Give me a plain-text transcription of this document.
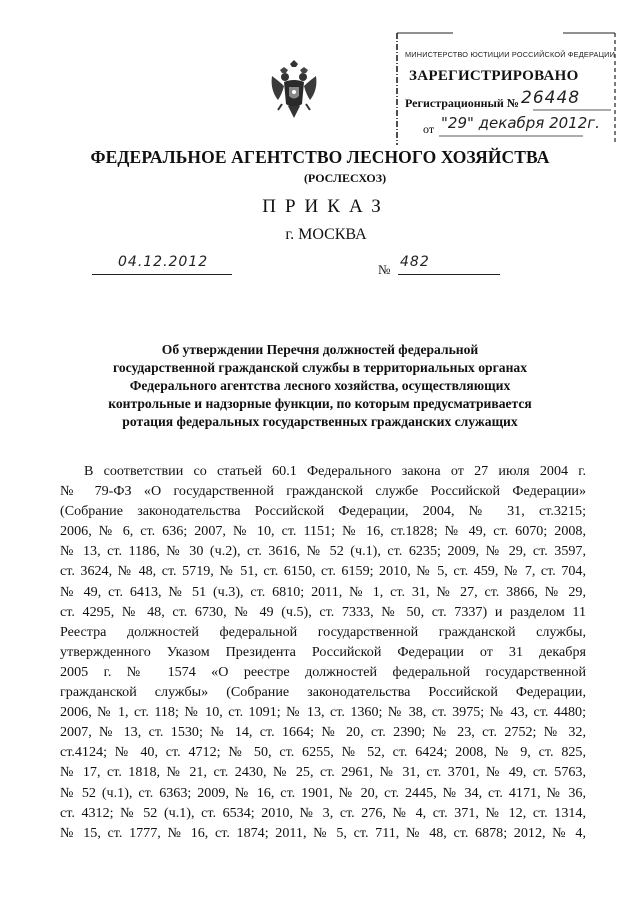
МИНИСТЕРСТВО ЮСТИЦИИ РОССИЙСКОЙ ФЕДЕРАЦИИ
ЗАРЕГИСТРИРОВАНО
Регистрационный № 26448
от "29" декабря 2012г.
ФЕДЕРАЛЬНОЕ АГЕНТСТВО ЛЕСНОГО ХОЗЯЙСТВА
(РОСЛЕСХОЗ)
ПРИКАЗ
г. МОСКВА
04.12.2012	№ 482
Об утверждении Перечня должностей федеральной
государственной гражданской службы в территориальных органах
Федерального агентства лесного хозяйства, осуществляющих
контрольные и надзорные функции, по которым предусматривается
ротация федеральных государственных гражданских служащих
В соответствии со статьей 60.1 Федерального закона от 27 июля 2004 г.
№ 79-ФЗ «О государственной гражданской службе Российской Федерации»
(Собрание законодательства Российской Федерации, 2004, № 31, ст.3215;
2006, № 6, ст. 636; 2007, № 10, ст. 1151; № 16, ст.1828; № 49, ст. 6070; 2008,
№ 13, ст. 1186, № 30 (ч.2), ст. 3616, № 52 (ч.1), ст. 6235; 2009, № 29, ст. 3597,
ст. 3624, № 48, ст. 5719, № 51, ст. 6150, ст. 6159; 2010, № 5, ст. 459, № 7, ст. 704,
№ 49, ст. 6413, № 51 (ч.3), ст. 6810; 2011, № 1, ст. 31, № 27, ст. 3866, № 29,
ст. 4295, № 48, ст. 6730, № 49 (ч.5), ст. 7333, № 50, ст. 7337) и разделом 11
Реестра должностей федеральной государственной гражданской службы,
утвержденного Указом Президента Российской Федерации от 31 декабря
2005 г. № 1574 «О реестре должностей федеральной государственной
гражданской службы» (Собрание законодательства Российской Федерации,
2006, № 1, ст. 118; № 10, ст. 1091; № 13, ст. 1360; № 38, ст. 3975; № 43, ст. 4480;
2007, № 13, ст. 1530; № 14, ст. 1664; № 20, ст. 2390; № 23, ст. 2752; № 32,
ст.4124; № 40, ст. 4712; № 50, ст. 6255, № 52, ст. 6424; 2008, № 9, ст. 825,
№ 17, ст. 1818, № 21, ст. 2430, № 25, ст. 2961, № 31, ст. 3701, № 49, ст. 5763,
№ 52 (ч.1), ст. 6363; 2009, № 16, ст. 1901, № 20, ст. 2445, № 34, ст. 4171, № 36,
ст. 4312; № 52 (ч.1), ст. 6534; 2010, № 3, ст. 276, № 4, ст. 371, № 12, ст. 1314,
№ 15, ст. 1777, № 16, ст. 1874; 2011, № 5, ст. 711, № 48, ст. 6878; 2012, № 4,
